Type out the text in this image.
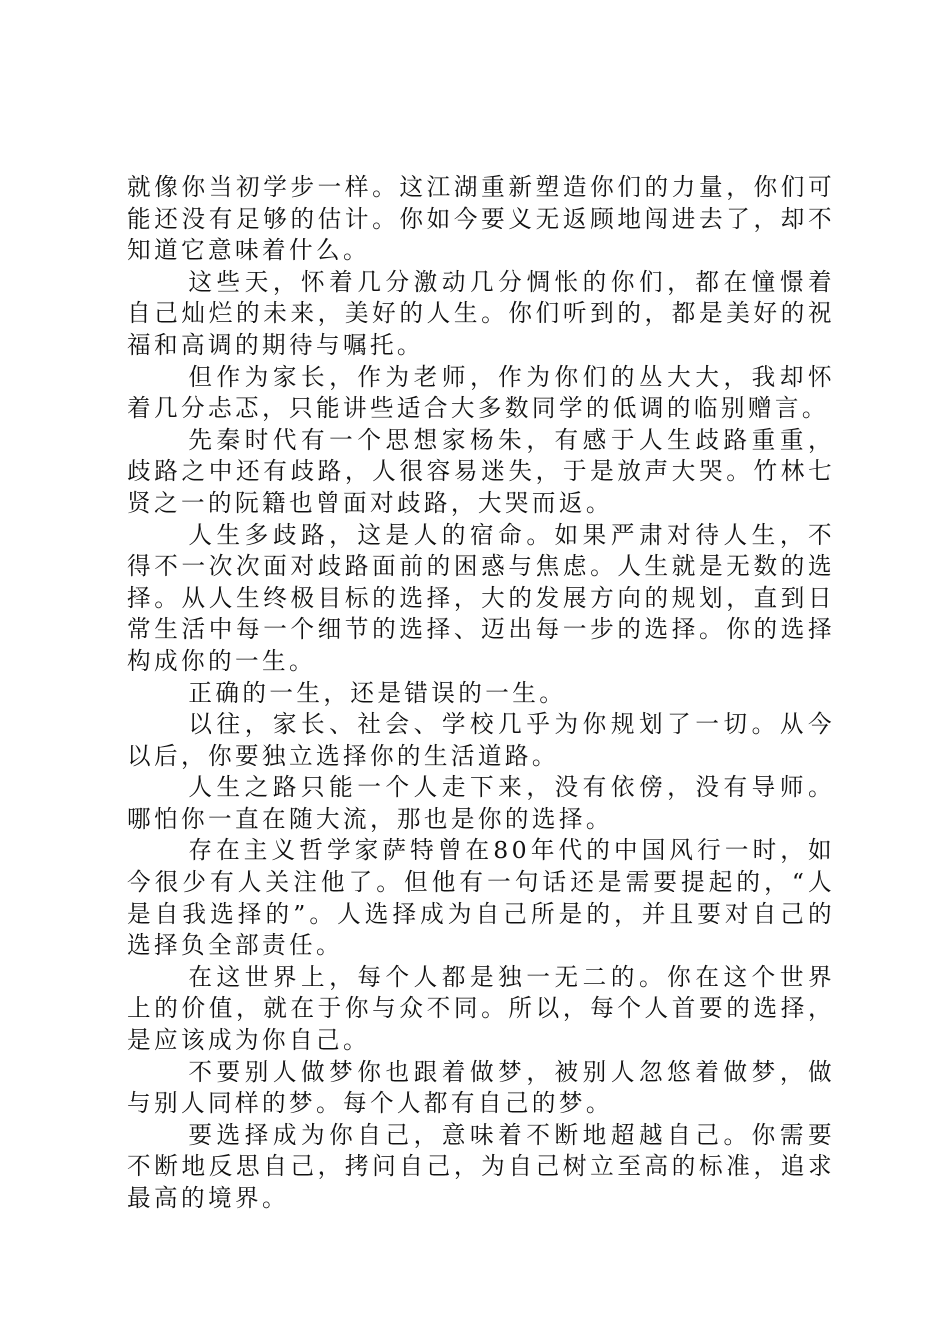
就像你当初学步一样。这江湖重新塑造你们的力量，你们可能还没有足够的估计。你如今要义无返顾地闯进去了，却不知道它意味着什么。

这些天，怀着几分激动几分惆怅的你们，都在憧憬着自己灿烂的未来，美好的人生。你们听到的，都是美好的祝福和高调的期待与嘱托。

但作为家长，作为老师，作为你们的丛大大，我却怀着几分忐忑，只能讲些适合大多数同学的低调的临别赠言。

先秦时代有一个思想家杨朱，有感于人生歧路重重，歧路之中还有歧路，人很容易迷失，于是放声大哭。竹林七贤之一的阮籍也曾面对歧路，大哭而返。

人生多歧路，这是人的宿命。如果严肃对待人生，不得不一次次面对歧路面前的困惑与焦虑。人生就是无数的选择。从人生终极目标的选择，大的发展方向的规划，直到日常生活中每一个细节的选择、迈出每一步的选择。你的选择构成你的一生。

正确的一生，还是错误的一生。

以往，家长、社会、学校几乎为你规划了一切。从今以后，你要独立选择你的生活道路。

人生之路只能一个人走下来，没有依傍，没有导师。哪怕你一直在随大流，那也是你的选择。

存在主义哲学家萨特曾在80年代的中国风行一时，如今很少有人关注他了。但他有一句话还是需要提起的，“人是自我选择的”。人选择成为自己所是的，并且要对自己的选择负全部责任。

在这世界上，每个人都是独一无二的。你在这个世界上的价值，就在于你与众不同。所以，每个人首要的选择，是应该成为你自己。

不要别人做梦你也跟着做梦，被别人忽悠着做梦，做与别人同样的梦。每个人都有自己的梦。

要选择成为你自己，意味着不断地超越自己。你需要不断地反思自己，拷问自己，为自己树立至高的标准，追求最高的境界。
